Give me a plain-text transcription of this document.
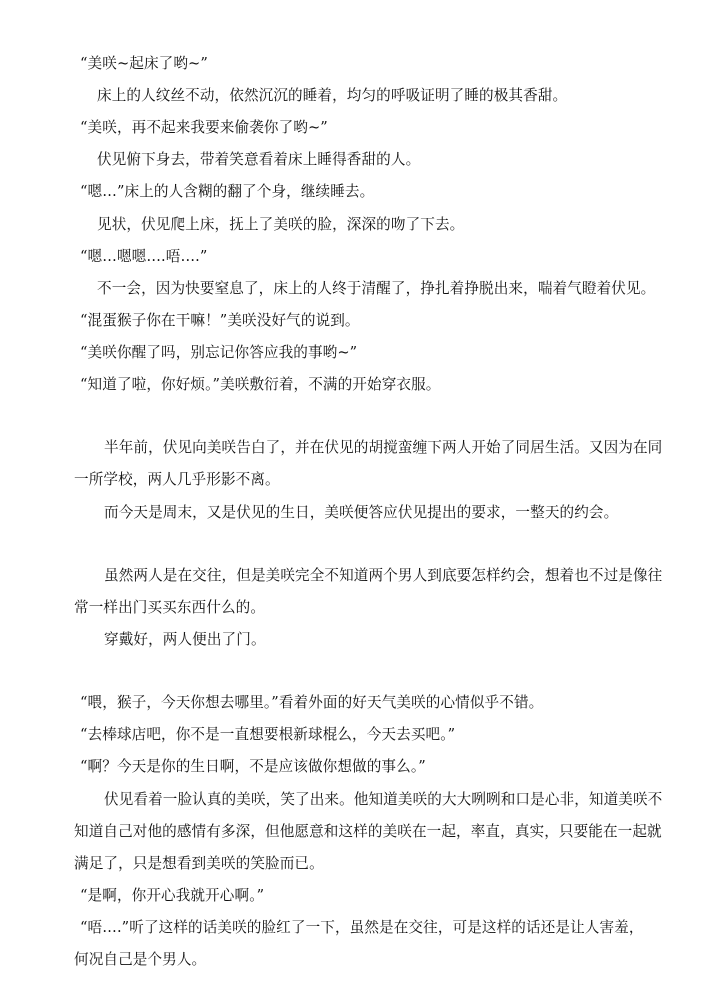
“美咲~起床了哟~”
床上的人纹丝不动，依然沉沉的睡着，均匀的呼吸证明了睡的极其香甜。
“美咲，再不起来我要来偷袭你了哟~”
伏见俯下身去，带着笑意看着床上睡得香甜的人。
“嗯…”床上的人含糊的翻了个身，继续睡去。
见状，伏见爬上床，抚上了美咲的脸，深深的吻了下去。
“嗯…嗯嗯….唔….”
不一会，因为快要窒息了，床上的人终于清醒了，挣扎着挣脱出来，喘着气瞪着伏见。
“混蛋猴子你在干嘛！”美咲没好气的说到。
“美咲你醒了吗，别忘记你答应我的事哟~”
“知道了啦，你好烦。”美咲敷衍着，不满的开始穿衣服。
半年前，伏见向美咲告白了，并在伏见的胡搅蛮缠下两人开始了同居生活。又因为在同
一所学校，两人几乎形影不离。
而今天是周末，又是伏见的生日，美咲便答应伏见提出的要求，一整天的约会。
虽然两人是在交往，但是美咲完全不知道两个男人到底要怎样约会，想着也不过是像往
常一样出门买买东西什么的。
穿戴好，两人便出了门。
“喂，猴子，今天你想去哪里。”看着外面的好天气美咲的心情似乎不错。
“去棒球店吧，你不是一直想要根新球棍么，今天去买吧。”
“啊？今天是你的生日啊，不是应该做你想做的事么。”
伏见看着一脸认真的美咲，笑了出来。他知道美咲的大大咧咧和口是心非，知道美咲不
知道自己对他的感情有多深，但他愿意和这样的美咲在一起，率直，真实，只要能在一起就
满足了，只是想看到美咲的笑脸而已。
“是啊，你开心我就开心啊。”
“唔….”听了这样的话美咲的脸红了一下，虽然是在交往，可是这样的话还是让人害羞，
何况自己是个男人。
